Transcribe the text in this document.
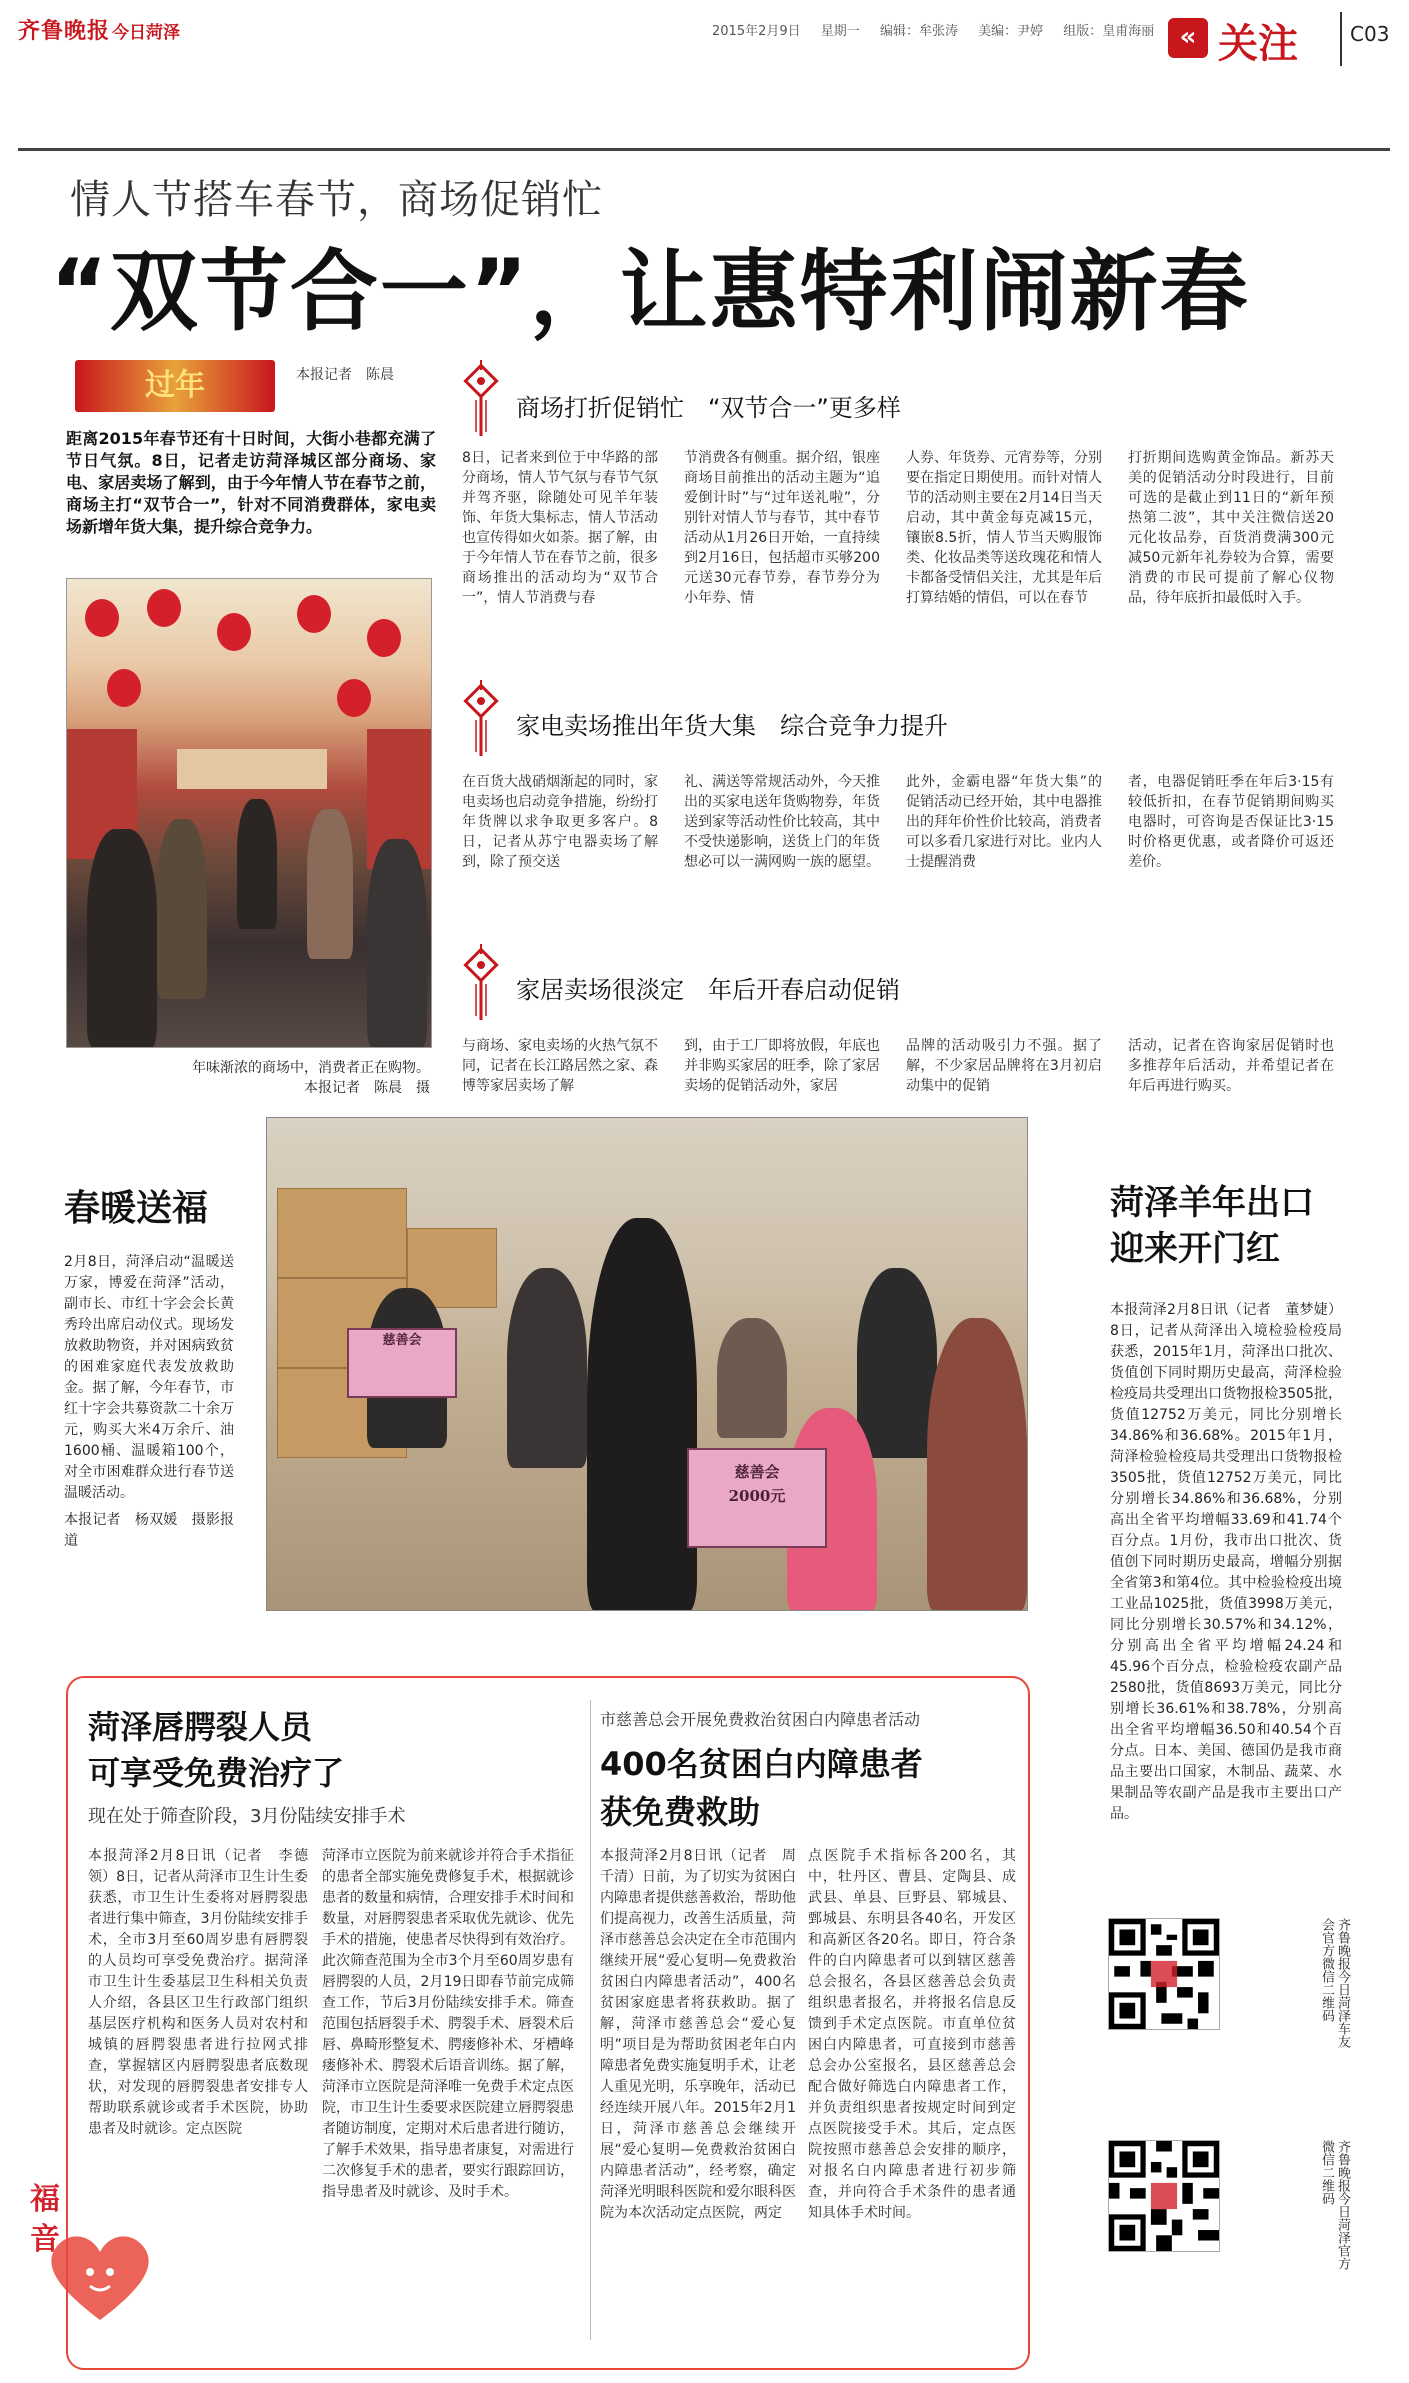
齐鲁晚报 今日菏泽	2015年2月9日 星期一 编辑：牟张涛 美编：尹婷 组版：皇甫海丽 « 关注	C03
情人节搭车春节，商场促销忙
“双节合一”，让惠特利闹新春
过年	本报记者　陈晨
距离2015年春节还有十日时间，大街小巷都充满了节日气氛。8日，记者走访菏泽城区部分商场、家电、家居卖场了解到，由于今年情人节在春节之前，商场主打“双节合一”，针对不同消费群体，家电卖场新增年货大集，提升综合竞争力。
年味渐浓的商场中，消费者正在购物。
本报记者　陈晨　摄
商场打折促销忙　“双节合一”更多样
8日，记者来到位于中华路的部分商场，情人节气氛与春节气氛并驾齐驱，除随处可见羊年装饰、年货大集标志，情人节活动也宣传得如火如荼。据了解，由于今年情人节在春节之前，很多商场推出的活动均为“双节合一”，情人节消费与春
节消费各有侧重。据介绍，银座商场目前推出的活动主题为“追爱倒计时”与“过年送礼啦”，分别针对情人节与春节，其中春节活动从1月26日开始，一直持续到2月16日，包括超市买够200元送30元春节券，春节券分为小年券、情
人券、年货券、元宵券等，分别要在指定日期使用。而针对情人节的活动则主要在2月14日当天启动，其中黄金每克减15元，镶嵌8.5折，情人节当天购服饰类、化妆品类等送玫瑰花和情人卡都备受情侣关注，尤其是年后打算结婚的情侣，可以在春节
打折期间选购黄金饰品。新苏天美的促销活动分时段进行，目前可选的是截止到11日的“新年预热第二波”，其中关注微信送20元化妆品券，百货消费满300元减50元新年礼券较为合算，需要消费的市民可提前了解心仪物品，待年底折扣最低时入手。
家电卖场推出年货大集　综合竞争力提升
在百货大战硝烟渐起的同时，家电卖场也启动竞争措施，纷纷打年货牌以求争取更多客户。8日，记者从苏宁电器卖场了解到，除了预交送
礼、满送等常规活动外，今天推出的买家电送年货购物券，年货送到家等活动性价比较高，其中不受快递影响，送货上门的年货想必可以一满网购一族的愿望。
此外，金霸电器“年货大集”的促销活动已经开始，其中电器推出的拜年价性价比较高，消费者可以多看几家进行对比。业内人士提醒消费
者，电器促销旺季在年后3·15有较低折扣，在春节促销期间购买电器时，可咨询是否保证比3·15时价格更优惠，或者降价可返还差价。
家居卖场很淡定　年后开春启动促销
与商场、家电卖场的火热气氛不同，记者在长江路居然之家、森博等家居卖场了解
到，由于工厂即将放假，年底也并非购买家居的旺季，除了家居卖场的促销活动外，家居
品牌的活动吸引力不强。据了解，不少家居品牌将在3月初启动集中的促销
活动，记者在咨询家居促销时也多推荐年后活动，并希望记者在年后再进行购买。
春暖送福
2月8日，菏泽启动“温暖送万家，博爱在菏泽”活动，副市长、市红十字会会长黄秀玲出席启动仪式。现场发放救助物资，并对困病致贫的困难家庭代表发放救助金。据了解，今年春节，市红十字会共募资款二十余万元，购买大米4万余斤、油1600桶、温暖箱100个，对全市困难群众进行春节送温暖活动。
本报记者　杨双媛　摄影报道
慈善会
慈善会
2000元
菏泽羊年出口
迎来开门红
本报菏泽2月8日讯（记者　董梦婕）8日，记者从菏泽出入境检验检疫局获悉，2015年1月，菏泽出口批次、货值创下同时期历史最高，菏泽检验检疫局共受理出口货物报检3505批，货值12752万美元，同比分别增长34.86%和36.68%。2015年1月，菏泽检验检疫局共受理出口货物报检3505批，货值12752万美元，同比分别增长34.86%和36.68%，分别高出全省平均增幅33.69和41.74个百分点。1月份，我市出口批次、货值创下同时期历史最高，增幅分别据全省第3和第4位。其中检验检疫出境工业品1025批，货值3998万美元，同比分别增长30.57%和34.12%，分别高出全省平均增幅24.24和45.96个百分点，检验检疫农副产品2580批，货值8693万美元，同比分别增长36.61%和38.78%，分别高出全省平均增幅36.50和40.54个百分点。日本、美国、德国仍是我市商品主要出口国家，木制品、蔬菜、水果制品等农副产品是我市主要出口产品。
齐鲁晚报今日菏泽车友会官方微信二维码
齐鲁晚报今日菏泽官方微信二维码
菏泽唇腭裂人员
可享受免费治疗了
现在处于筛查阶段，3月份陆续安排手术
本报菏泽2月8日讯（记者　李德领）8日，记者从菏泽市卫生计生委获悉，市卫生计生委将对唇腭裂患者进行集中筛查，3月份陆续安排手术，全市3月至60周岁患有唇腭裂的人员均可享受免费治疗。据菏泽市卫生计生委基层卫生科相关负责人介绍，各县区卫生行政部门组织基层医疗机构和医务人员对农村和城镇的唇腭裂患者进行拉网式排查，掌握辖区内唇腭裂患者底数现状，对发现的唇腭裂患者安排专人帮助联系就诊或者手术医院，协助患者及时就诊。定点医院
菏泽市立医院为前来就诊并符合手术指征的患者全部实施免费修复手术，根据就诊患者的数量和病情，合理安排手术时间和数量，对唇腭裂患者采取优先就诊、优先手术的措施，使患者尽快得到有效治疗。此次筛查范围为全市3个月至60周岁患有唇腭裂的人员，2月19日即春节前完成筛查工作，节后3月份陆续安排手术。筛查范围包括唇裂手术、腭裂手术、唇裂术后唇、鼻畸形整复术、腭瘘修补术、牙槽峰瘘修补术、腭裂术后语音训练。据了解，菏泽市立医院是菏泽唯一免费手术定点医院，市卫生计生委要求医院建立唇腭裂患者随访制度，定期对术后患者进行随访，了解手术效果，指导患者康复，对需进行二次修复手术的患者，要实行跟踪回访，指导患者及时就诊、及时手术。
福音
市慈善总会开展免费救治贫困白内障患者活动
400名贫困白内障患者
获免费救助
本报菏泽2月8日讯（记者　周千清）日前，为了切实为贫困白内障患者提供慈善救治，帮助他们提高视力，改善生活质量，菏泽市慈善总会决定在全市范围内继续开展“爱心复明—免费救治贫困白内障患者活动”，400名贫困家庭患者将获救助。据了解，菏泽市慈善总会“爱心复明”项目是为帮助贫困老年白内障患者免费实施复明手术，让老人重见光明，乐享晚年，活动已经连续开展八年。2015年2月1日，菏泽市慈善总会继续开展“爱心复明—免费救治贫困白内障患者活动”，经考察，确定菏泽光明眼科医院和爱尔眼科医院为本次活动定点医院，两定
点医院手术指标各200名，其中，牡丹区、曹县、定陶县、成武县、单县、巨野县、郓城县、鄄城县、东明县各40名，开发区和高新区各20名。即日，符合条件的白内障患者可以到辖区慈善总会报名，各县区慈善总会负责组织患者报名，并将报名信息反馈到手术定点医院。市直单位贫困白内障患者，可直接到市慈善总会办公室报名，县区慈善总会配合做好筛选白内障患者工作，并负责组织患者按规定时间到定点医院接受手术。其后，定点医院按照市慈善总会安排的顺序，对报名白内障患者进行初步筛查，并向符合手术条件的患者通知具体手术时间。
